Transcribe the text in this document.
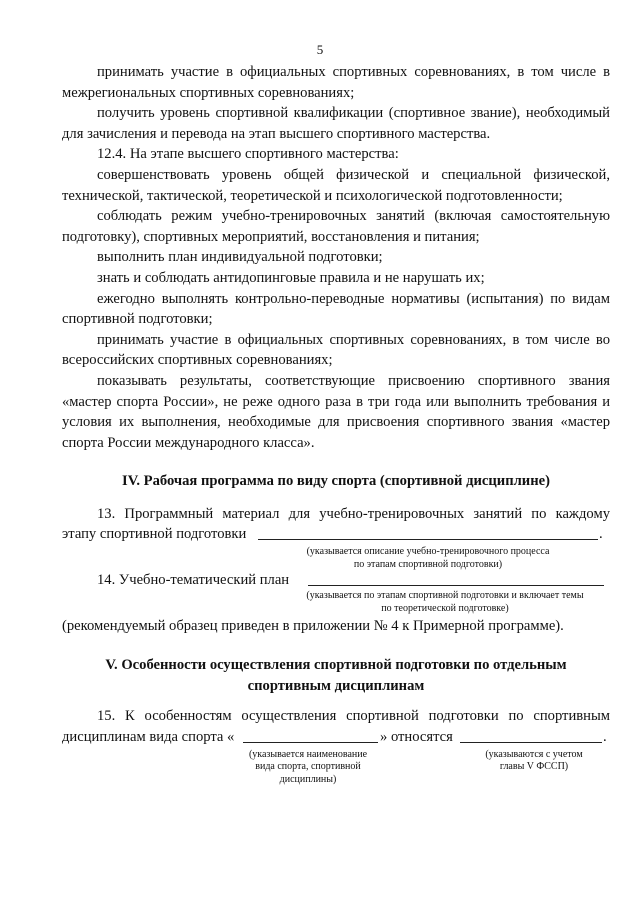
5

принимать участие в официальных спортивных соревнованиях, в том числе в межрегиональных спортивных соревнованиях;

получить уровень спортивной квалификации (спортивное звание), необходимый для зачисления и перевода на этап высшего спортивного мастерства.

12.4. На этапе высшего спортивного мастерства:

совершенствовать уровень общей физической и специальной физической, технической, тактической, теоретической и психологической подготовленности;

соблюдать режим учебно-тренировочных занятий (включая самостоятельную подготовку), спортивных мероприятий, восстановления и питания;

выполнить план индивидуальной подготовки;

знать и соблюдать антидопинговые правила и не нарушать их;

ежегодно выполнять контрольно-переводные нормативы (испытания) по видам спортивной подготовки;

принимать участие в официальных спортивных соревнованиях, в том числе во всероссийских спортивных соревнованиях;

показывать результаты, соответствующие присвоению спортивного звания «мастер спорта России», не реже одного раза в три года или выполнить требования и условия их выполнения, необходимые для присвоения спортивного звания «мастер спорта России международного класса».

IV. Рабочая программа по виду спорта (спортивной дисциплине)

13. Программный материал для учебно-тренировочных занятий по каждому

этапу спортивной подготовки	.
(указывается описание учебно-тренировочного процесса
по этапам спортивной подготовки)
14. Учебно-тематический план
(указывается по этапам спортивной подготовки и включает темы
по теоретической подготовке)

(рекомендуемый образец приведен в приложении № 4 к Примерной программе).

V. Особенности осуществления спортивной подготовки по отдельным спортивным дисциплинам

15. К особенностям осуществления спортивной подготовки по спортивным

дисциплинам вида спорта «	» относятся	.
(указывается наименование
вида спорта, спортивной
дисциплины)
(указываются с учетом
главы V ФССП)
